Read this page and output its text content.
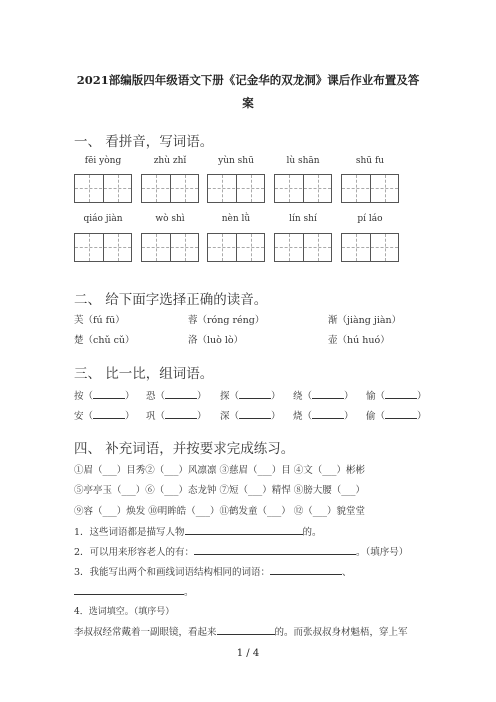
2021部编版四年级语文下册《记金华的双龙洞》课后作业布置及答
案
一、 看拼音，写词语。
fēi yòng	zhù zhǐ	yùn shū	lù shān	shū fu
qiáo jiàn	wò shì	nèn lǜ	lín shí	pí láo
二、 给下面字选择正确的读音。
芙（fú fū）	蓉（róng réng）	渐（jiàng jiàn）
楚（chǔ cǔ）	洛（luò lò）	壶（hú huó）
三、 比一比，组词语。
按（	） 恐（	） 探（	） 绕（	） 愉（	）
安（	） 巩（	） 深（	） 烧（	） 偷（	）
四、 补充词语，并按要求完成练习。
①眉（___）目秀②（___）风凛凛 ③慈眉（___）目 ④文（___）彬彬
⑤亭亭玉（___）⑥（___）态龙钟 ⑦短（___）精悍 ⑧膀大腰（___）
⑨容（___）焕发 ⑩明眸皓（___）⑪鹤发童（___） ⑫（___）貌堂堂
1．这些词语都是描写人物	的。
2．可以用来形容老人的有：	。（填序号）
3．我能写出两个和画线词语结构相同的词语：	、
。
4．选词填空。（填序号）
李叔叔经常戴着一副眼镜，看起来	的。而张叔叔身材魁梧，穿上军
1 / 4
